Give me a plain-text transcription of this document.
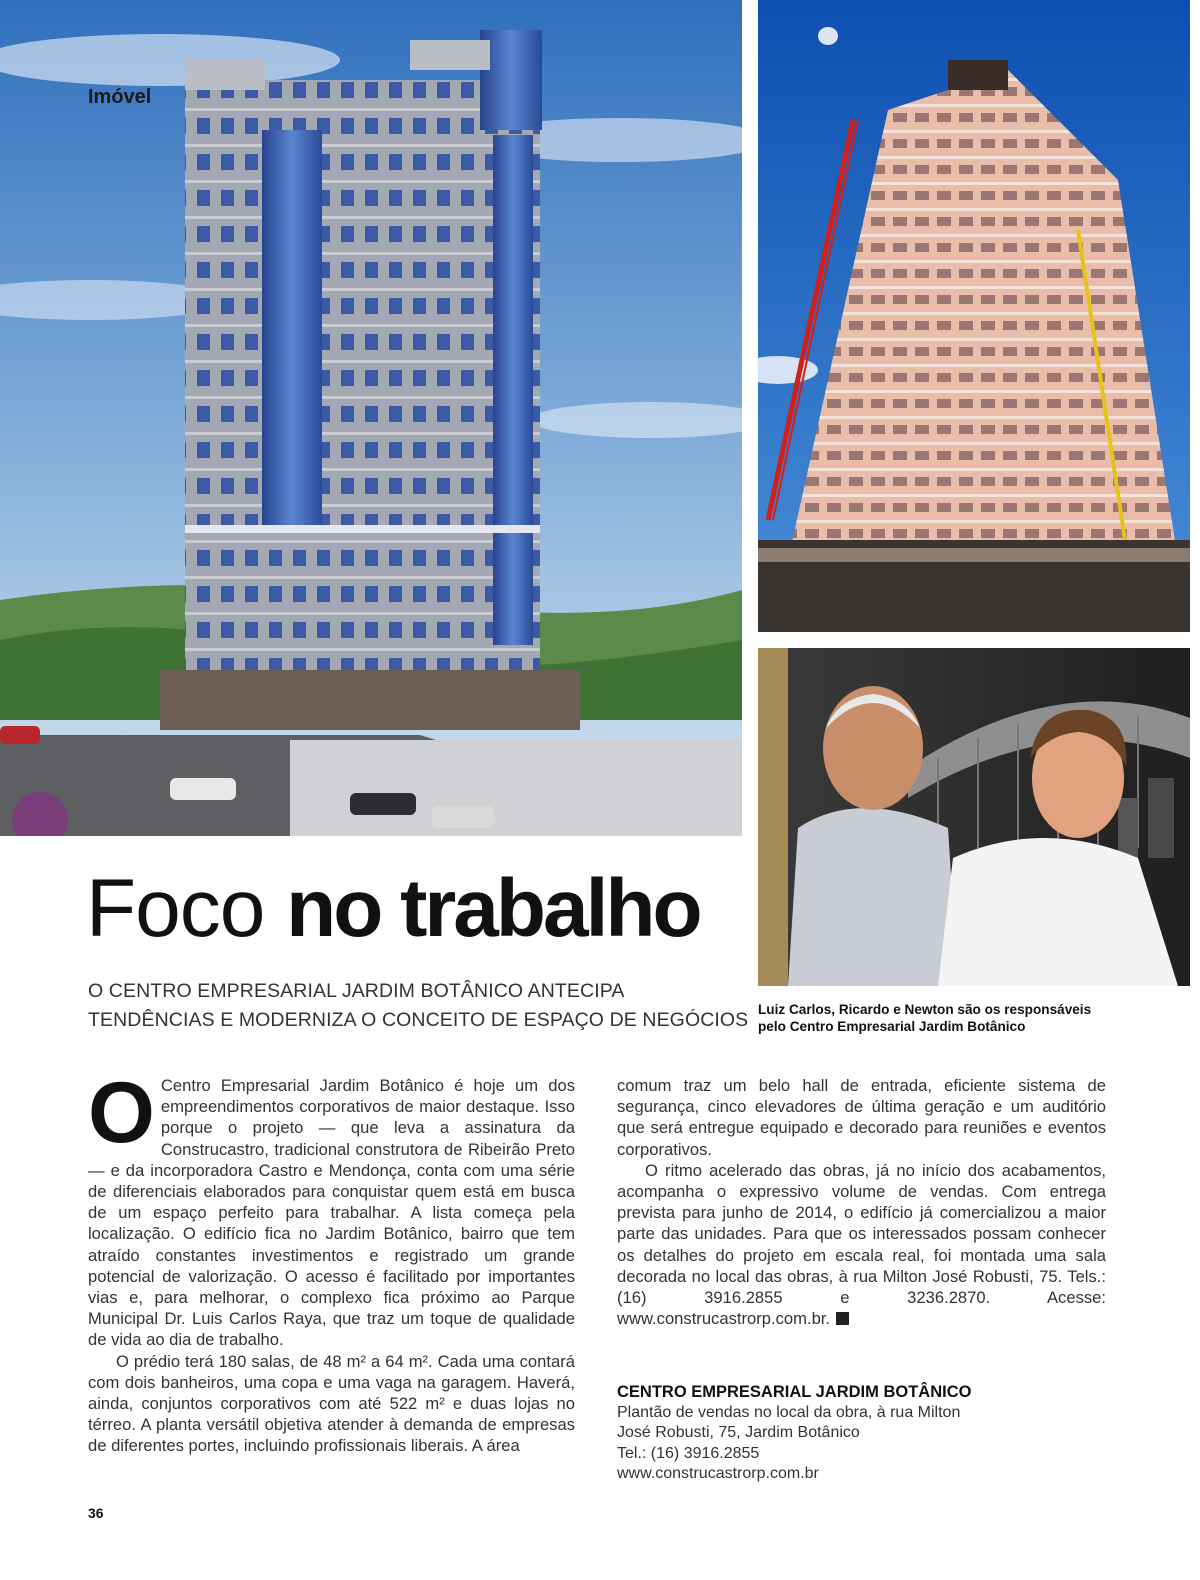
Imóvel
Foco no trabalho
O CENTRO EMPRESARIAL JARDIM BOTÂNICO ANTECIPA
TENDÊNCIAS E MODERNIZA O CONCEITO DE ESPAÇO DE NEGÓCIOS Luiz Carlos, Ricardo e Newton são os responsáveis
pelo Centro Empresarial Jardim Botânico

O Centro Empresarial Jardim Botânico é hoje um dos empreendimentos corporativos de maior destaque. Isso porque o projeto — que leva a assinatura da Construcastro, tradicional construtora de Ribeirão Preto — e da incorporadora Castro e Mendonça, conta com uma série de diferenciais elaborados para conquistar quem está em busca de um espaço perfeito para trabalhar. A lista começa pela localização. O edifício fica no Jardim Botânico, bairro que tem atraído constantes investimentos e registrado um grande potencial de valorização. O acesso é facilitado por importantes vias e, para melhorar, o complexo fica próximo ao Parque Municipal Dr. Luis Carlos Raya, que traz um toque de qualidade de vida ao dia de trabalho.

O prédio terá 180 salas, de 48 m² a 64 m². Cada uma contará com dois banheiros, uma copa e uma vaga na garagem. Haverá, ainda, conjuntos corporativos com até 522 m² e duas lojas no térreo. A planta versátil objetiva atender à demanda de empresas de diferentes portes, incluindo profissionais liberais. A área

comum traz um belo hall de entrada, eficiente sistema de segurança, cinco elevadores de última geração e um auditório que será entregue equipado e decorado para reuniões e eventos corporativos.

O ritmo acelerado das obras, já no início dos acabamentos, acompanha o expressivo volume de vendas. Com entrega prevista para junho de 2014, o edifício já comercializou a maior parte das unidades. Para que os interessados possam conhecer os detalhes do projeto em escala real, foi montada uma sala decorada no local das obras, à rua Milton José Robusti, 75. Tels.: (16) 3916.2855 e 3236.2870. Acesse: www.construcastrorp.com.br.

CENTRO EMPRESARIAL JARDIM BOTÂNICO
Plantão de vendas no local da obra, à rua Milton
José Robusti, 75, Jardim Botânico
Tel.: (16) 3916.2855
www.construcastrorp.com.br
36
